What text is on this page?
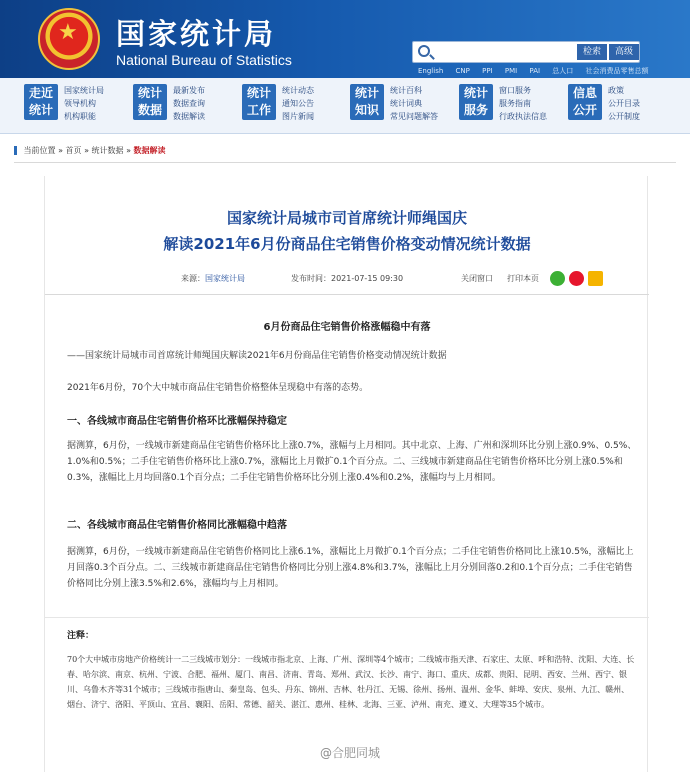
★ 国家统计局
National Bureau of Statistics	检索	高级
English CNP PPI PMI PAI 总人口 社会消费品零售总额
走近统计
国家统计局
领导机构
机构职能
统计数据
最新发布
数据查询
数据解读
统计工作
统计动态
通知公告
图片新闻
统计知识
统计百科
统计词典
常见问题解答
统计服务
窗口服务
服务指南
行政执法信息
信息公开
政策
公开目录
公开制度
当前位置 » 首页 » 统计数据 » 数据解读
国家统计局城市司首席统计师绳国庆
解读2021年6月份商品住宅销售价格变动情况统计数据
来源：国家统计局	发布时间：2021-07-15 09:30	关闭窗口 打印本页
6月份商品住宅销售价格涨幅稳中有落
——国家统计局城市司首席统计师绳国庆解读2021年6月份商品住宅销售价格变动情况统计数据
2021年6月份，70个大中城市商品住宅销售价格整体呈现稳中有落的态势。
一、各线城市商品住宅销售价格环比涨幅保持稳定
据测算，6月份，一线城市新建商品住宅销售价格环比上涨0.7%，涨幅与上月相同。其中北京、上海、广州和深圳环比分别上涨0.9%、0.5%、1.0%和0.5%；二手住宅销售价格环比上涨0.7%，涨幅比上月微扩0.1个百分点。二、三线城市新建商品住宅销售价格环比分别上涨0.5%和0.3%，涨幅比上月均回落0.1个百分点；二手住宅销售价格环比分别上涨0.4%和0.2%，涨幅均与上月相同。
二、各线城市商品住宅销售价格同比涨幅稳中趋落
据测算，6月份，一线城市新建商品住宅销售价格同比上涨6.1%，涨幅比上月微扩0.1个百分点；二手住宅销售价格同比上涨10.5%，涨幅比上月回落0.3个百分点。二、三线城市新建商品住宅销售价格同比分别上涨4.8%和3.7%，涨幅比上月分别回落0.2和0.1个百分点；二手住宅销售价格同比分别上涨3.5%和2.6%，涨幅均与上月相同。
注释：
70个大中城市房地产价格统计一二三线城市划分：一线城市指北京、上海、广州、深圳等4个城市；二线城市指天津、石家庄、太原、呼和浩特、沈阳、大连、长春、哈尔滨、南京、杭州、宁波、合肥、福州、厦门、南昌、济南、青岛、郑州、武汉、长沙、南宁、海口、重庆、成都、贵阳、昆明、西安、兰州、西宁、银川、乌鲁木齐等31个城市；三线城市指唐山、秦皇岛、包头、丹东、锦州、吉林、牡丹江、无锡、徐州、扬州、温州、金华、蚌埠、安庆、泉州、九江、赣州、烟台、济宁、洛阳、平顶山、宜昌、襄阳、岳阳、常德、韶关、湛江、惠州、桂林、北海、三亚、泸州、南充、遵义、大理等35个城市。
@合肥同城
